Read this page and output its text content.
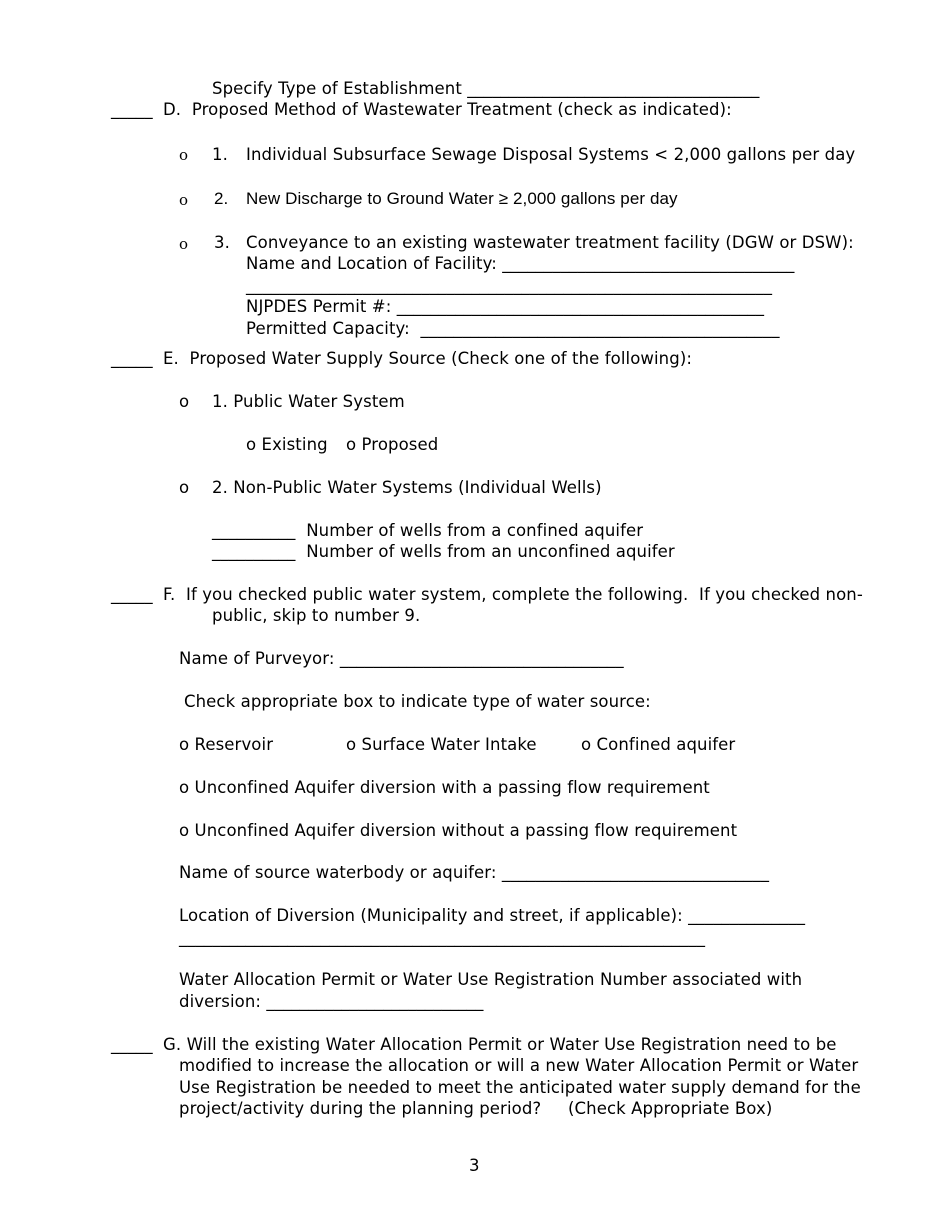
Specify Type of Establishment ___________________________________

_____ D.  Proposed Method of Wastewater Treatment (check as indicated):

o 1. Individual Subsurface Sewage Disposal Systems < 2,000 gallons per day

o 2. New Discharge to Ground Water ≥ 2,000 gallons per day

o 3. Conveyance to an existing wastewater treatment facility (DGW or DSW):

Name and Location of Facility: ___________________________________

_______________________________________________________________

NJPDES Permit #: ____________________________________________

Permitted Capacity:  ___________________________________________

_____ E.  Proposed Water Supply Source (Check one of the following):

o 1. Public Water System

o Existing o Proposed

o 2. Non-Public Water Systems (Individual Wells)

__________  Number of wells from a confined aquifer

__________  Number of wells from an unconfined aquifer

_____ F.  If you checked public water system, complete the following.  If you checked non-

public, skip to number 9.

Name of Purveyor: __________________________________

Check appropriate box to indicate type of water source:

o Reservoir	o Surface Water Intake	o Confined aquifer

o Unconfined Aquifer diversion with a passing flow requirement

o Unconfined Aquifer diversion without a passing flow requirement

Name of source waterbody or aquifer: ________________________________

Location of Diversion (Municipality and street, if applicable): ______________

_______________________________________________________________

Water Allocation Permit or Water Use Registration Number associated with

diversion: __________________________

_____ G. Will the existing Water Allocation Permit or Water Use Registration need to be

modified to increase the allocation or will a new Water Allocation Permit or Water

Use Registration be needed to meet the anticipated water supply demand for the

project/activity during the planning period?     (Check Appropriate Box)

3
